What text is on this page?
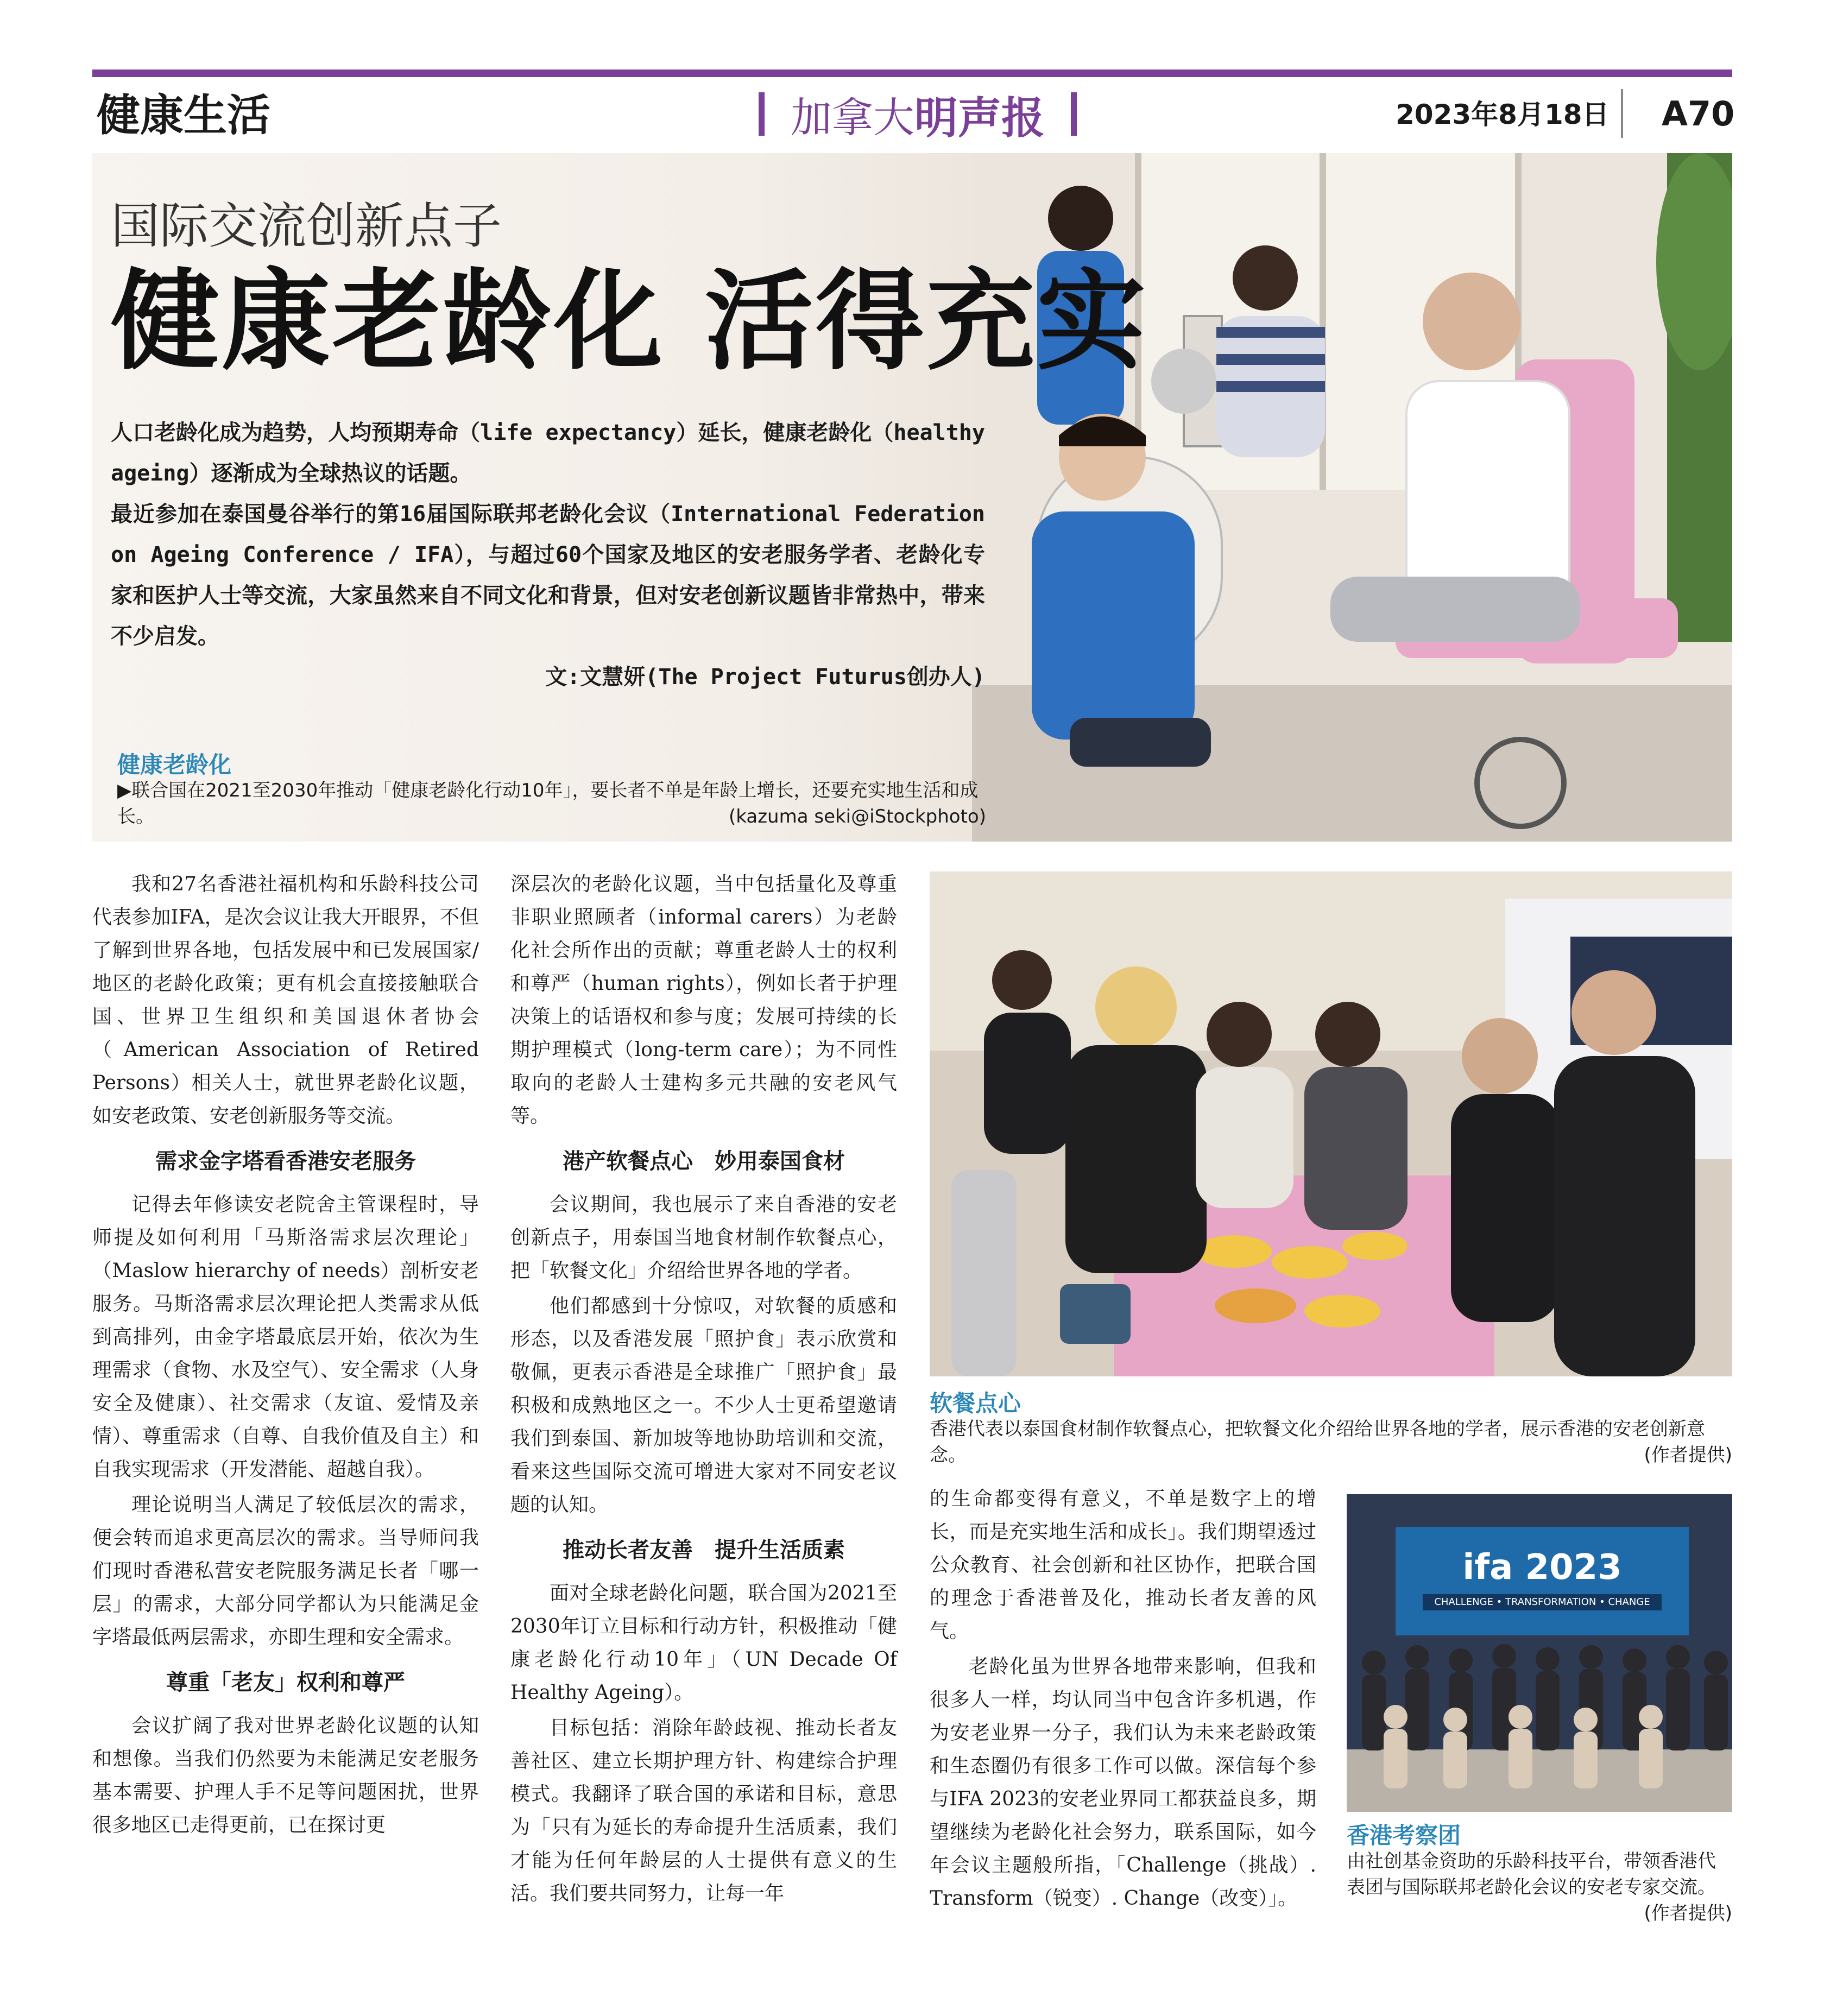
健康生活	加拿大 明声报	2023年8月18日 A70
国际交流创新点子
健康老龄化 活得充实
人口老龄化成为趋势，人均预期寿命（life expectancy）延长，健康老龄化（healthy ageing）逐渐成为全球热议的话题。
最近参加在泰国曼谷举行的第16届国际联邦老龄化会议（International Federation on Ageing Conference / IFA），与超过60个国家及地区的安老服务学者、老龄化专家和医护人士等交流，大家虽然来自不同文化和背景，但对安老创新议题皆非常热中，带来不少启发。
文:文慧妍(The Project Futurus创办人)
健康老龄化
▶联合国在2021至2030年推动「健康老龄化行动10年」，要长者不单是年龄上增长，还要充实地生活和成长。	(kazuma seki@iStockphoto)

我和27名香港社福机构和乐龄科技公司代表参加IFA，是次会议让我大开眼界，不但了解到世界各地，包括发展中和已发展国家/地区的老龄化政策；更有机会直接接触联合国、世界卫生组织和美国退休者协会（American Association of Retired Persons）相关人士，就世界老龄化议题，如安老政策、安老创新服务等交流。

需求金字塔看香港安老服务

记得去年修读安老院舍主管课程时，导师提及如何利用「马斯洛需求层次理论」（Maslow hierarchy of needs）剖析安老服务。马斯洛需求层次理论把人类需求从低到高排列，由金字塔最底层开始，依次为生理需求（食物、水及空气）、安全需求（人身安全及健康）、社交需求（友谊、爱情及亲情）、尊重需求（自尊、自我价值及自主）和自我实现需求（开发潜能、超越自我）。

理论说明当人满足了较低层次的需求，便会转而追求更高层次的需求。当导师问我们现时香港私营安老院服务满足长者「哪一层」的需求，大部分同学都认为只能满足金字塔最低两层需求，亦即生理和安全需求。

尊重「老友」权利和尊严

会议扩阔了我对世界老龄化议题的认知和想像。当我们仍然要为未能满足安老服务基本需要、护理人手不足等问题困扰，世界很多地区已走得更前，已在探讨更

深层次的老龄化议题，当中包括量化及尊重非职业照顾者（informal carers）为老龄化社会所作出的贡献；尊重老龄人士的权利和尊严（human rights），例如长者于护理决策上的话语权和参与度；发展可持续的长期护理模式（long-term care）；为不同性取向的老龄人士建构多元共融的安老风气等。

港产软餐点心　妙用泰国食材

会议期间，我也展示了来自香港的安老创新点子，用泰国当地食材制作软餐点心，把「软餐文化」介绍给世界各地的学者。

他们都感到十分惊叹，对软餐的质感和形态，以及香港发展「照护食」表示欣赏和敬佩，更表示香港是全球推广「照护食」最积极和成熟地区之一。不少人士更希望邀请我们到泰国、新加坡等地协助培训和交流，看来这些国际交流可增进大家对不同安老议题的认知。

推动长者友善　提升生活质素

面对全球老龄化问题，联合国为2021至2030年订立目标和行动方针，积极推动「健康老龄化行动10年」（UN Decade Of Healthy Ageing）。

目标包括：消除年龄歧视、推动长者友善社区、建立长期护理方针、构建综合护理模式。我翻译了联合国的承诺和目标，意思为「只有为延长的寿命提升生活质素，我们才能为任何年龄层的人士提供有意义的生活。我们要共同努力，让每一年

软餐点心
香港代表以泰国食材制作软餐点心，把软餐文化介绍给世界各地的学者，展示香港的安老创新意念。	(作者提供)

的生命都变得有意义，不单是数字上的增长，而是充实地生活和成长」。我们期望透过公众教育、社会创新和社区协作，把联合国的理念于香港普及化，推动长者友善的风气。

老龄化虽为世界各地带来影响，但我和很多人一样，均认同当中包含许多机遇，作为安老业界一分子，我们认为未来老龄政策和生态圈仍有很多工作可以做。深信每个参与IFA 2023的安老业界同工都获益良多，期望继续为老龄化社会努力，联系国际，如今年会议主题般所指，「Challenge（挑战）. Transform（锐变）. Change（改变）」。

ifa 2023
CHALLENGE • TRANSFORMATION • CHANGE
香港考察团
由社创基金资助的乐龄科技平台，带领香港代表团与国际联邦老龄化会议的安老专家交流。
(作者提供)
